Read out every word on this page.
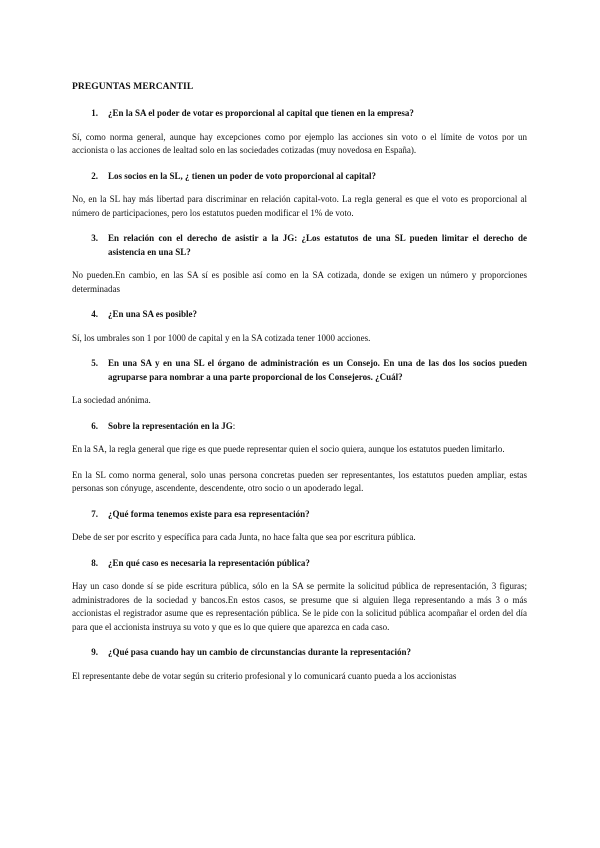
PREGUNTAS MERCANTIL
1.	¿En la SA el poder de votar es proporcional al capital que tienen en la empresa?

Sí, como norma general, aunque hay excepciones como por ejemplo las acciones sin voto o el límite de votos por un accionista o las acciones de lealtad solo en las sociedades cotizadas (muy novedosa en España).

2.	Los socios en la SL, ¿ tienen un poder de voto proporcional al capital?

No, en la SL hay más libertad para discriminar en relación capital-voto. La regla general es que el voto es proporcional al número de participaciones, pero los estatutos pueden modificar el 1% de voto.

3.	En relación con el derecho de asistir a la JG: ¿Los estatutos de una SL pueden limitar el derecho de asistencia en una SL?

No pueden.En cambio, en las SA sí es posible así como en la SA cotizada, donde se exigen un número y proporciones determinadas

4.	¿En una SA es posible?

Sí, los umbrales son 1 por 1000 de capital y en la SA cotizada tener 1000 acciones.

5.	En una SA y en una SL el órgano de administración es un Consejo. En una de las dos los socios pueden agruparse para nombrar a una parte proporcional de los Consejeros. ¿Cuál?

La sociedad anónima.

6.	Sobre la representación en la JG:

En la SA, la regla general que rige es que puede representar quien el socio quiera, aunque los estatutos pueden limitarlo.

En la SL como norma general, solo unas persona concretas pueden ser representantes, los estatutos pueden ampliar, estas personas son cónyuge, ascendente, descendente, otro socio o un apoderado legal.

7.	¿Qué forma tenemos existe para esa representación?

Debe de ser por escrito y específica para cada Junta, no hace falta que sea por escritura pública.

8.	¿En qué caso es necesaria la representación pública?

Hay un caso donde sí se pide escritura pública, sólo en la SA se permite la solicitud pública de representación, 3 figuras; administradores de la sociedad y bancos.En estos casos, se presume que si alguien llega representando a más 3 o más accionistas el registrador asume que es representación pública. Se le pide con la solicitud pública acompañar el orden del día para que el accionista instruya su voto y que es lo que quiere que aparezca en cada caso.

9.	¿Qué pasa cuando hay un cambio de circunstancias durante la representación?

El representante debe de votar según su criterio profesional y lo comunicará cuanto pueda a los accionistas
